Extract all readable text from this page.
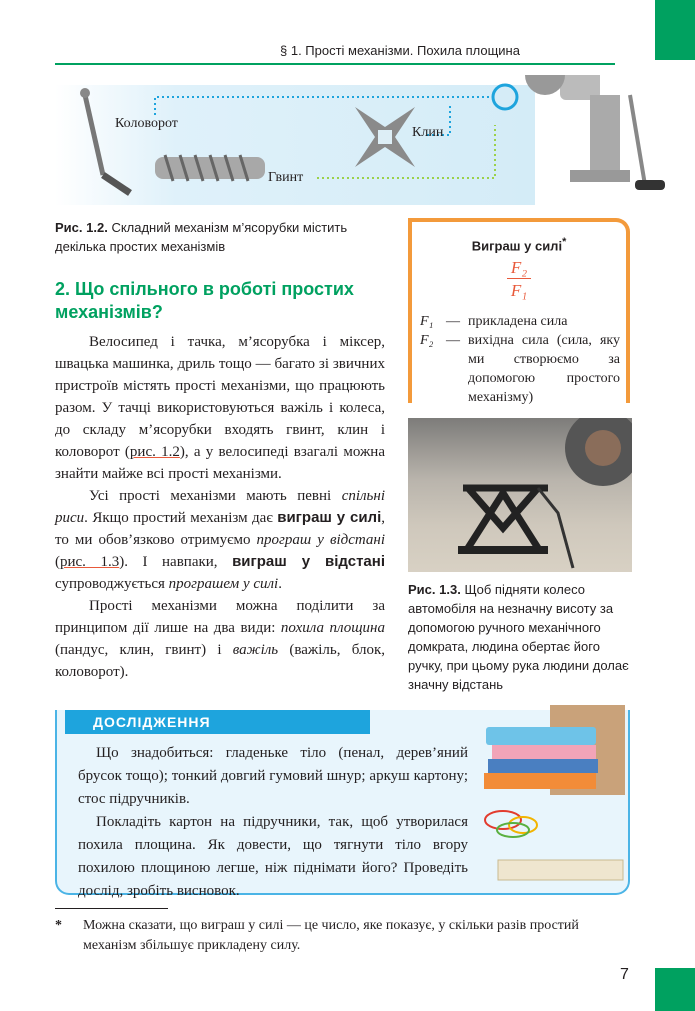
§ 1. Прості механізми. Похила площина
Коловорот
Клин
Гвинт
Рис. 1.2. Складний механізм м’ясорубки містить декілька простих механізмів
2. Що спільного в роботі простих механізмів?

Велосипед і тачка, м’ясорубка і міксер, швацька машинка, дриль тощо — багато зі звичних пристроїв містять прості механізми, що працюють разом. У тачці використовуються важіль і колеса, до складу м’ясорубки входять гвинт, клин і коловорот (рис. 1.2), а у велосипеді взагалі можна знайти майже всі прості механізми.

Усі прості механізми мають певні спільні риси. Якщо простий механізм дає виграш у силі, то ми обов’язково отримуємо програш у відстані (рис. 1.3). І навпаки, виграш у відстані супроводжується програшем у силі.

Прості механізми можна поділити за принципом дії лише на два види: похила площина (пандус, клин, гвинт) і важіль (важіль, блок, коловорот).

Виграш у силі*
F₂
F₁
F₁ — прикладена сила
F₂ — вихідна сила (сила, яку ми створюємо за допомогою простого механізму)
Рис. 1.3. Щоб підняти колесо автомобіля на незначну висоту за допомогою ручного механічного домкрата, людина обертає його ручку, при цьому рука людини долає значну відстань
ДОСЛІДЖЕННЯ

Що знадобиться: гладеньке тіло (пенал, дерев’яний брусок тощо); тонкий довгий гумовий шнур; аркуш картону; стос підручників.

Покладіть картон на підручники, так, щоб утворилася похила площина. Як довести, що тягнути тіло вгору похилою площиною легше, ніж піднімати його? Проведіть дослід, зробіть висновок.

*	Можна сказати, що виграш у силі — це число, яке показує, у скільки разів простий механізм збільшує прикладену силу.
7
